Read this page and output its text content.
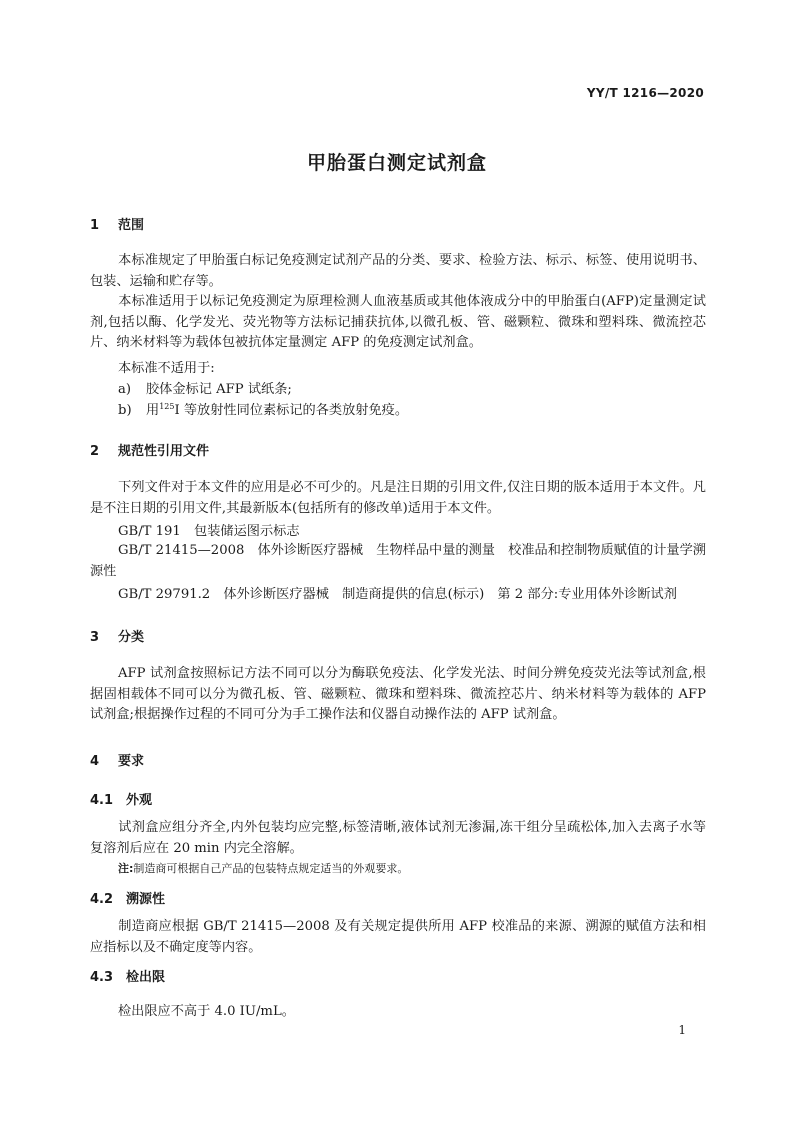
YY/T 1216—2020
甲胎蛋白测定试剂盒
1 范围
本标准规定了甲胎蛋白标记免疫测定试剂产品的分类、要求、检验方法、标示、标签、使用说明书、包装、运输和贮存等。
本标准适用于以标记免疫测定为原理检测人血液基质或其他体液成分中的甲胎蛋白(AFP)定量测定试剂,包括以酶、化学发光、荧光物等方法标记捕获抗体,以微孔板、管、磁颗粒、微珠和塑料珠、微流控芯片、纳米材料等为载体包被抗体定量测定 AFP 的免疫测定试剂盒。
本标准不适用于:
a) 胶体金标记 AFP 试纸条;
b) 用$^{125}$I 等放射性同位素标记的各类放射免疫。
2 规范性引用文件
下列文件对于本文件的应用是必不可少的。凡是注日期的引用文件,仅注日期的版本适用于本文件。凡是不注日期的引用文件,其最新版本(包括所有的修改单)适用于本文件。
GB/T 191　包装储运图示标志
GB/T 21415—2008　体外诊断医疗器械　生物样品中量的测量　校准品和控制物质赋值的计量学溯源性
GB/T 29791.2　体外诊断医疗器械　制造商提供的信息(标示)　第 2 部分:专业用体外诊断试剂
3 分类
AFP 试剂盒按照标记方法不同可以分为酶联免疫法、化学发光法、时间分辨免疫荧光法等试剂盒,根据固相载体不同可以分为微孔板、管、磁颗粒、微珠和塑料珠、微流控芯片、纳米材料等为载体的 AFP 试剂盒;根据操作过程的不同可分为手工操作法和仪器自动操作法的 AFP 试剂盒。
4 要求
4.1 外观
试剂盒应组分齐全,内外包装均应完整,标签清晰,液体试剂无渗漏,冻干组分呈疏松体,加入去离子水等复溶剂后应在 20 min 内完全溶解。
注:制造商可根据自己产品的包装特点规定适当的外观要求。
4.2 溯源性
制造商应根据 GB/T 21415—2008 及有关规定提供所用 AFP 校准品的来源、溯源的赋值方法和相应指标以及不确定度等内容。
4.3 检出限
检出限应不高于 4.0 IU/mL。
1
